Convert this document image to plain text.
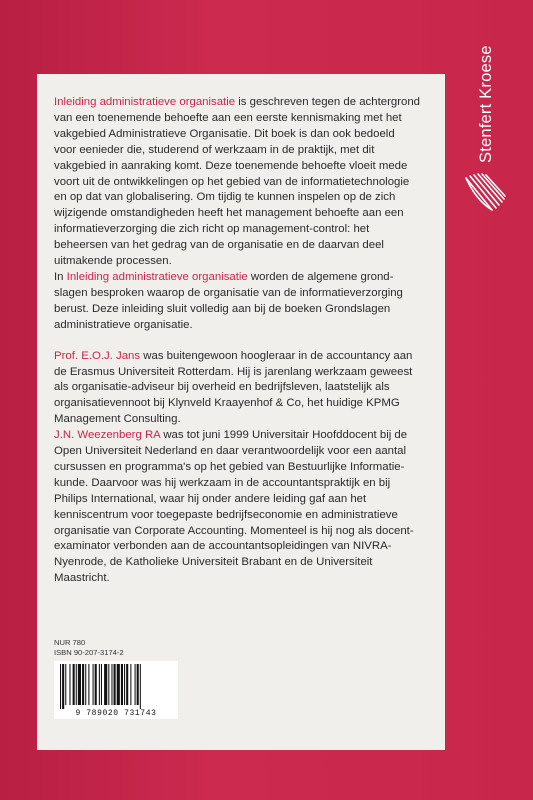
Stenfert Kroese
Inleiding administratieve organisatie is geschreven tegen de achtergrond
van een toenemende behoefte aan een eerste kennismaking met het
vakgebied Administratieve Organisatie. Dit boek is dan ook bedoeld
voor eenieder die, studerend of werkzaam in de praktijk, met dit
vakgebied in aanraking komt. Deze toenemende behoefte vloeit mede
voort uit de ontwikkelingen op het gebied van de informatietechnologie
en op dat van globalisering. Om tijdig te kunnen inspelen op de zich
wijzigende omstandigheden heeft het management behoefte aan een
informatieverzorging die zich richt op management-control: het
beheersen van het gedrag van de organisatie en de daarvan deel
uitmakende processen.
In Inleiding administratieve organisatie worden de algemene grond-
slagen besproken waarop de organisatie van de informatieverzorging
berust. Deze inleiding sluit volledig aan bij de boeken Grondslagen
administratieve organisatie.
Prof. E.O.J. Jans was buitengewoon hoogleraar in de accountancy aan
de Erasmus Universiteit Rotterdam. Hij is jarenlang werkzaam geweest
als organisatie-adviseur bij overheid en bedrijfsleven, laatstelijk als
organisatievennoot bij Klynveld Kraayenhof & Co, het huidige KPMG
Management Consulting.
J.N. Weezenberg RA was tot juni 1999 Universitair Hoofddocent bij de
Open Universiteit Nederland en daar verantwoordelijk voor een aantal
cursussen en programma's op het gebied van Bestuurlijke Informatie-
kunde. Daarvoor was hij werkzaam in de accountantspraktijk en bij
Philips International, waar hij onder andere leiding gaf aan het
kenniscentrum voor toegepaste bedrijfseconomie en administratieve
organisatie van Corporate Accounting. Momenteel is hij nog als docent-
examinator verbonden aan de accountantsopleidingen van NIVRA-
Nyenrode, de Katholieke Universiteit Brabant en de Universiteit
Maastricht.
NUR 780
ISBN 90-207-3174-2
9 789020 731743
